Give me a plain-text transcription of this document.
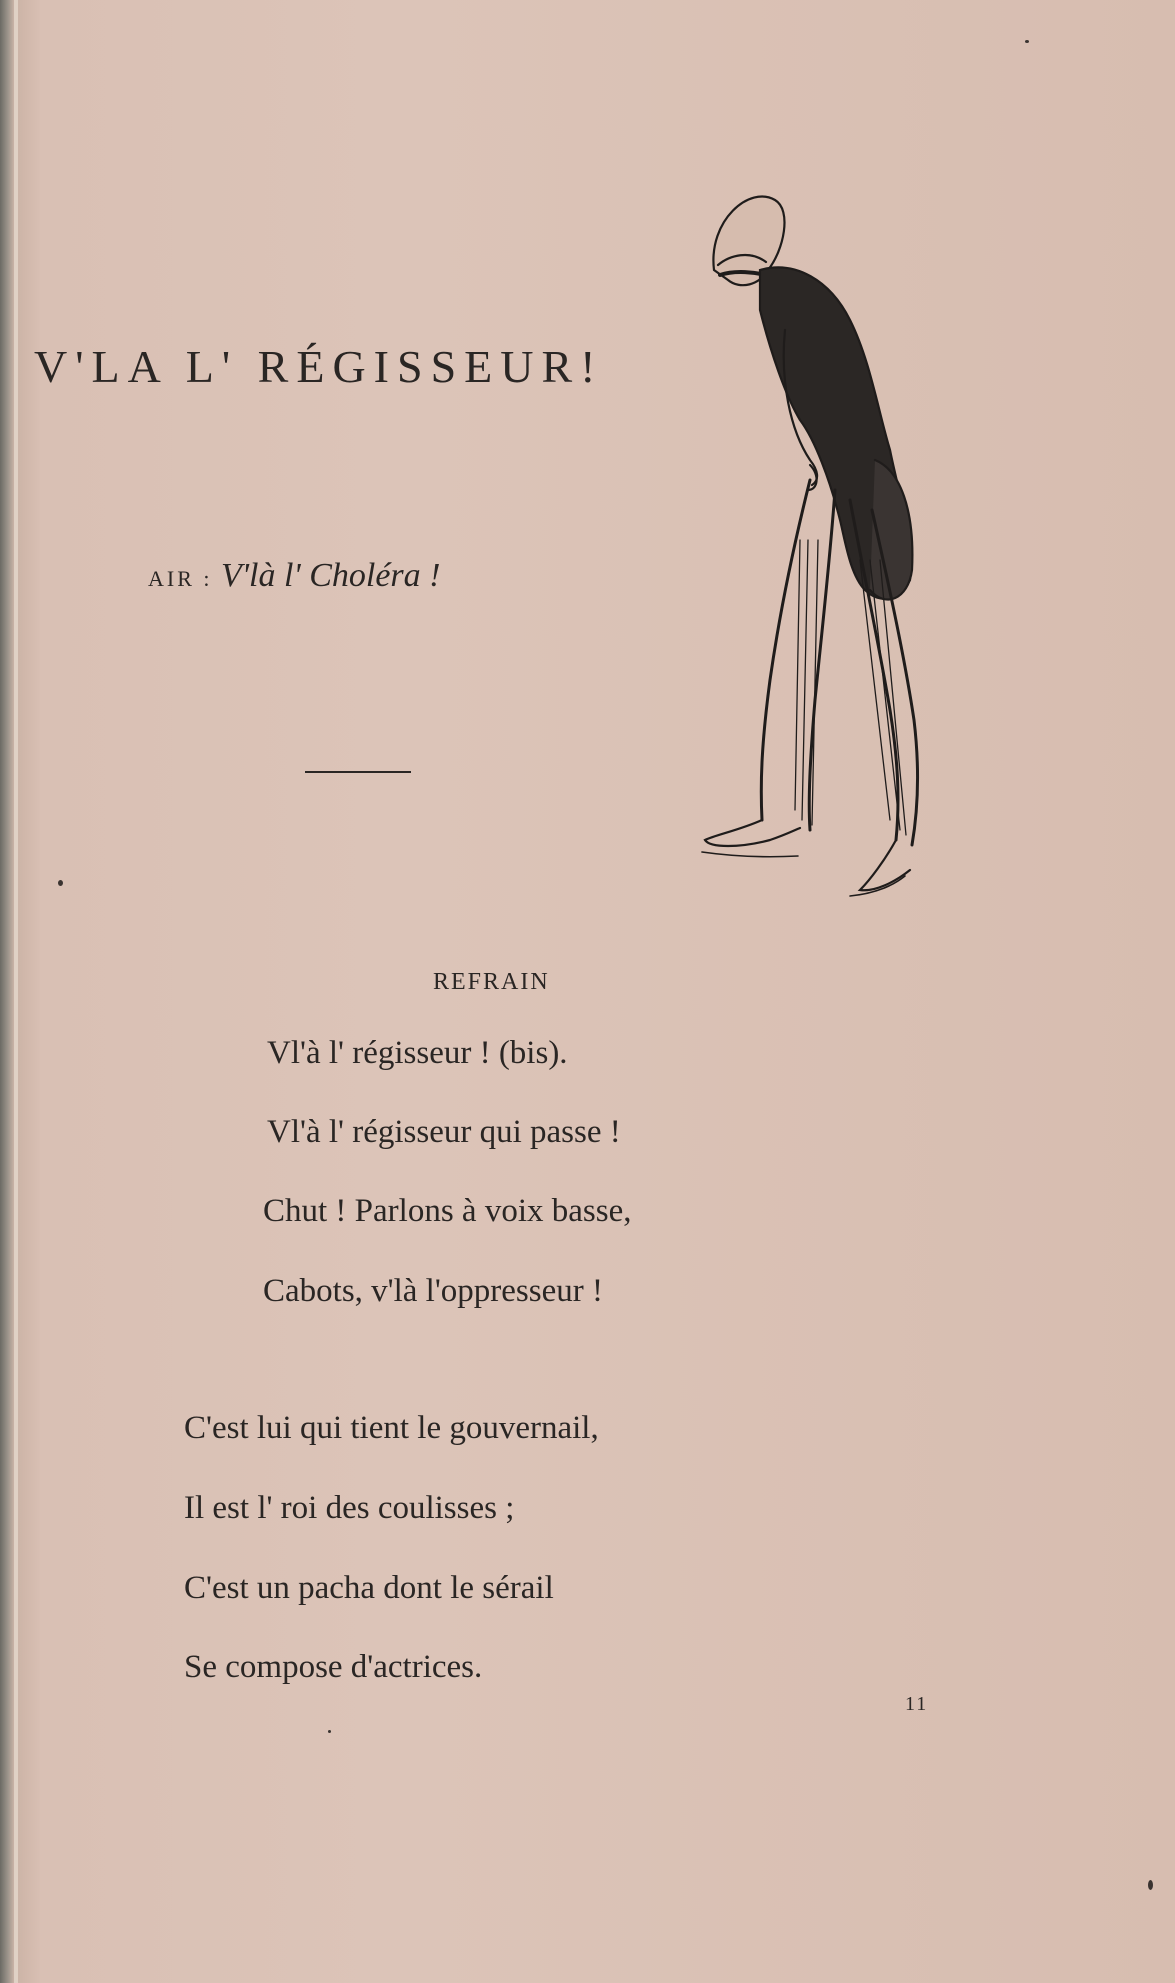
V'LA L' RÉGISSEUR!
AIR : V'là l' Choléra !
REFRAIN
Vl'à l' régisseur ! (bis).
Vl'à l' régisseur qui passe !
Chut ! Parlons à voix basse,
Cabots, v'là l'oppresseur !
C'est lui qui tient le gouvernail,
Il est l' roi des coulisses ;
C'est un pacha dont le sérail
Se compose d'actrices.
11
